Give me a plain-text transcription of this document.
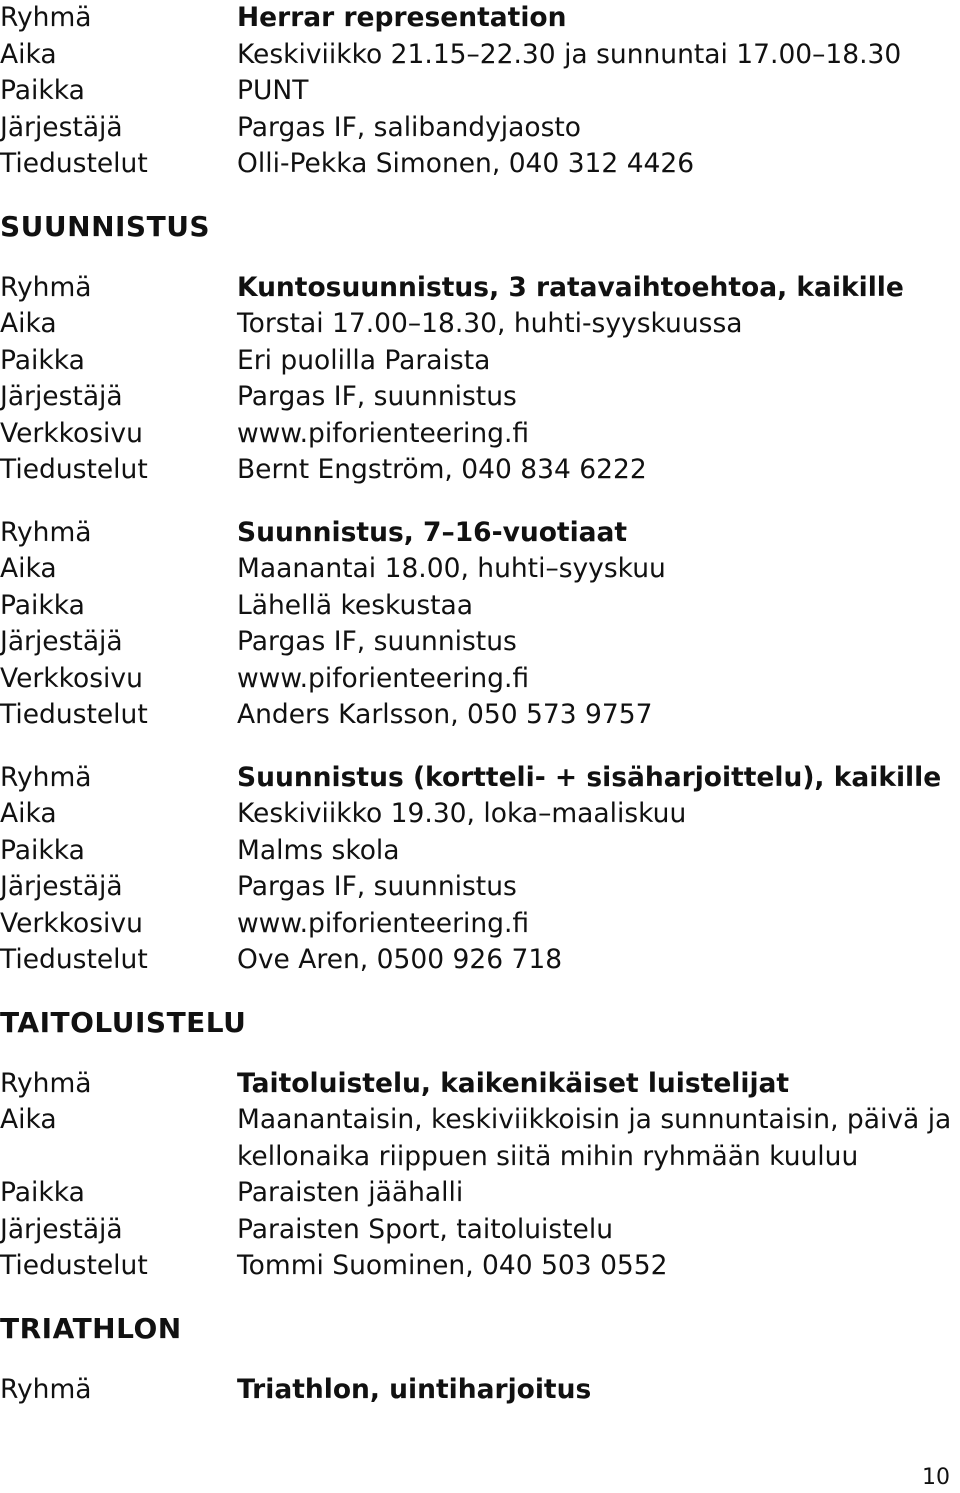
Ryhmä	Herrar representation
Aika	Keskiviikko 21.15–22.30 ja sunnuntai 17.00–18.30
Paikka	PUNT
Järjestäjä	Pargas IF, salibandyjaosto
Tiedustelut	Olli-Pekka Simonen, 040 312 4426
SUUNNISTUS
Ryhmä	Kuntosuunnistus, 3 ratavaihtoehtoa, kaikille
Aika	Torstai 17.00–18.30, huhti-syyskuussa
Paikka	Eri puolilla Paraista
Järjestäjä	Pargas IF, suunnistus
Verkkosivu	www.piforienteering.fi
Tiedustelut	Bernt Engström, 040 834 6222
Ryhmä	Suunnistus, 7–16-vuotiaat
Aika	Maanantai 18.00, huhti–syyskuu
Paikka	Lähellä keskustaa
Järjestäjä	Pargas IF, suunnistus
Verkkosivu	www.piforienteering.fi
Tiedustelut	Anders Karlsson, 050 573 9757
Ryhmä	Suunnistus (kortteli- + sisäharjoittelu), kaikille
Aika	Keskiviikko 19.30, loka–maaliskuu
Paikka	Malms skola
Järjestäjä	Pargas IF, suunnistus
Verkkosivu	www.piforienteering.fi
Tiedustelut	Ove Aren, 0500 926 718
TAITOLUISTELU
Ryhmä	Taitoluistelu, kaikenikäiset luistelijat
Aika	Maanantaisin, keskiviikkoisin ja sunnuntaisin, päivä ja kellonaika riippuen siitä mihin ryhmään kuuluu
Paikka	Paraisten jäähalli
Järjestäjä	Paraisten Sport, taitoluistelu
Tiedustelut	Tommi Suominen, 040 503 0552
TRIATHLON
Ryhmä	Triathlon, uintiharjoitus
10
